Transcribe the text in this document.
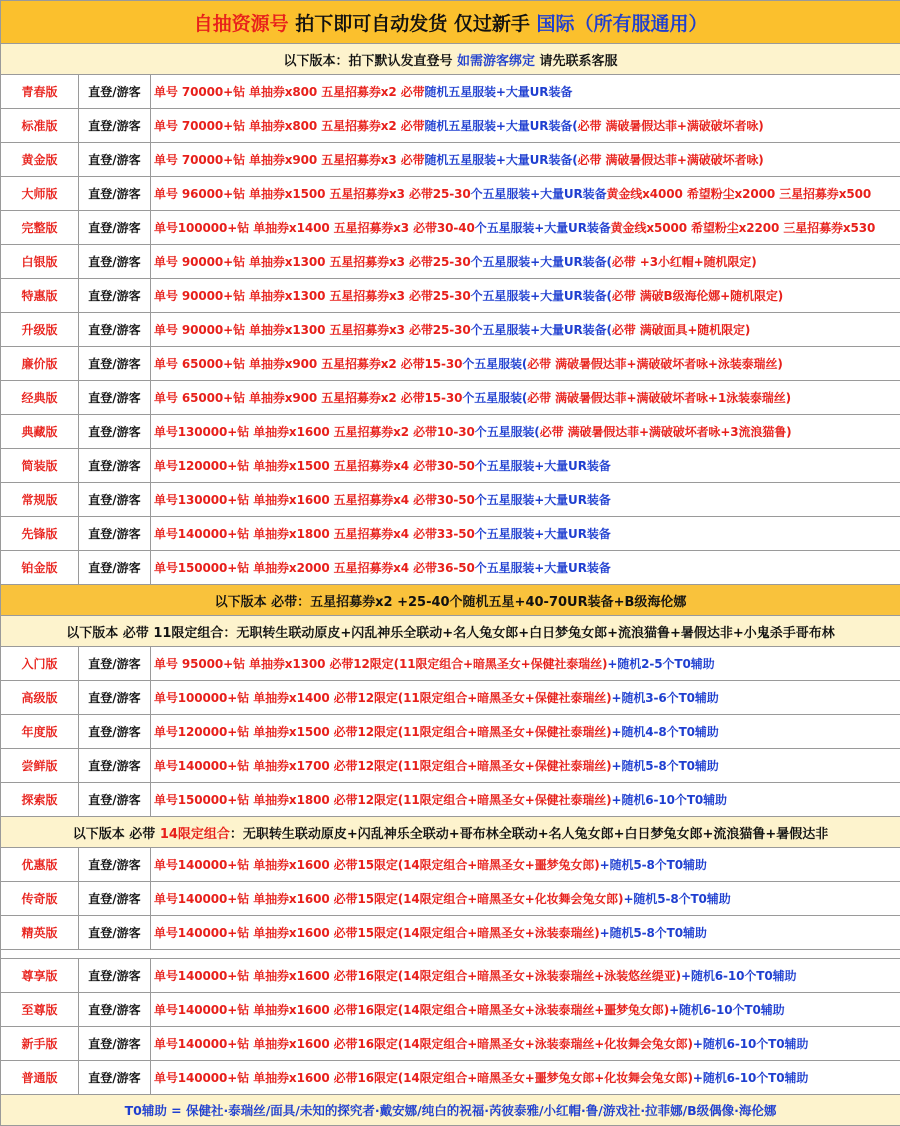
自抽资源号 拍下即可自动发货 仅过新手 国际（所有服通用）		
以下版本：拍下默认发直登号 如需游客绑定 请先联系客服		
青春版	直登/游客	单号 70000+钻 单抽券x800 五星招募券x2 必带随机五星服装+大量UR装备
标准版	直登/游客	单号 70000+钻 单抽券x800 五星招募券x2 必带随机五星服装+大量UR装备(必带 满破暑假达菲+满破破坏者咏)
黄金版	直登/游客	单号 70000+钻 单抽券x900 五星招募券x3 必带随机五星服装+大量UR装备(必带 满破暑假达菲+满破破坏者咏)
大师版	直登/游客	单号 96000+钻 单抽券x1500 五星招募券x3 必带25-30个五星服装+大量UR装备黄金线x4000 希望粉尘x2000 三星招募券x500
完整版	直登/游客	单号100000+钻 单抽券x1400 五星招募券x3 必带30-40个五星服装+大量UR装备黄金线x5000 希望粉尘x2200 三星招募券x530
白银版	直登/游客	单号 90000+钻 单抽券x1300 五星招募券x3 必带25-30个五星服装+大量UR装备(必带 +3小红帽+随机限定)
特惠版	直登/游客	单号 90000+钻 单抽券x1300 五星招募券x3 必带25-30个五星服装+大量UR装备(必带 满破B级海伦娜+随机限定)
升级版	直登/游客	单号 90000+钻 单抽券x1300 五星招募券x3 必带25-30个五星服装+大量UR装备(必带 满破面具+随机限定)
廉价版	直登/游客	单号 65000+钻 单抽券x900 五星招募券x2 必带15-30个五星服装(必带 满破暑假达菲+满破破坏者咏+泳装泰瑞丝)
经典版	直登/游客	单号 65000+钻 单抽券x900 五星招募券x2 必带15-30个五星服装(必带 满破暑假达菲+满破破坏者咏+1泳装泰瑞丝)
典藏版	直登/游客	单号130000+钻 单抽券x1600 五星招募券x2 必带10-30个五星服装(必带 满破暑假达菲+满破破坏者咏+3流浪猫鲁)
简装版	直登/游客	单号120000+钻 单抽券x1500 五星招募券x4 必带30-50个五星服装+大量UR装备
常规版	直登/游客	单号130000+钻 单抽券x1600 五星招募券x4 必带30-50个五星服装+大量UR装备
先锋版	直登/游客	单号140000+钻 单抽券x1800 五星招募券x4 必带33-50个五星服装+大量UR装备
铂金版	直登/游客	单号150000+钻 单抽券x2000 五星招募券x4 必带36-50个五星服装+大量UR装备
以下版本 必带：五星招募券x2 +25-40个随机五星+40-70UR装备+B级海伦娜		
以下版本 必带 11限定组合：无职转生联动原皮+闪乱神乐全联动+名人兔女郎+白日梦兔女郎+流浪猫鲁+暑假达非+小鬼杀手哥布林		
入门版	直登/游客	单号 95000+钻 单抽券x1300 必带12限定(11限定组合+暗黑圣女+保健社泰瑞丝)+随机2-5个T0辅助
高级版	直登/游客	单号100000+钻 单抽券x1400 必带12限定(11限定组合+暗黑圣女+保健社泰瑞丝)+随机3-6个T0辅助
年度版	直登/游客	单号120000+钻 单抽券x1500 必带12限定(11限定组合+暗黑圣女+保健社泰瑞丝)+随机4-8个T0辅助
尝鲜版	直登/游客	单号140000+钻 单抽券x1700 必带12限定(11限定组合+暗黑圣女+保健社泰瑞丝)+随机5-8个T0辅助
探索版	直登/游客	单号150000+钻 单抽券x1800 必带12限定(11限定组合+暗黑圣女+保健社泰瑞丝)+随机6-10个T0辅助
以下版本 必带 14限定组合：无职转生联动原皮+闪乱神乐全联动+哥布林全联动+名人兔女郎+白日梦兔女郎+流浪猫鲁+暑假达非		
优惠版	直登/游客	单号140000+钻 单抽券x1600 必带15限定(14限定组合+暗黑圣女+噩梦兔女郎)+随机5-8个T0辅助
传奇版	直登/游客	单号140000+钻 单抽券x1600 必带15限定(14限定组合+暗黑圣女+化妆舞会兔女郎)+随机5-8个T0辅助
精英版	直登/游客	单号140000+钻 单抽券x1600 必带15限定(14限定组合+暗黑圣女+泳装泰瑞丝)+随机5-8个T0辅助

尊享版	直登/游客	单号140000+钻 单抽券x1600 必带16限定(14限定组合+暗黑圣女+泳装泰瑞丝+泳装悠丝缇亚)+随机6-10个T0辅助
至尊版	直登/游客	单号140000+钻 单抽券x1600 必带16限定(14限定组合+暗黑圣女+泳装泰瑞丝+噩梦兔女郎)+随机6-10个T0辅助
新手版	直登/游客	单号140000+钻 单抽券x1600 必带16限定(14限定组合+暗黑圣女+泳装泰瑞丝+化妆舞会兔女郎)+随机6-10个T0辅助
普通版	直登/游客	单号140000+钻 单抽券x1600 必带16限定(14限定组合+暗黑圣女+噩梦兔女郎+化妆舞会兔女郎)+随机6-10个T0辅助
T0辅助 = 保健社·泰瑞丝/面具/未知的探究者·戴安娜/纯白的祝福·芮彼泰雅/小红帽·鲁/游戏社·拉菲娜/B级偶像·海伦娜		
